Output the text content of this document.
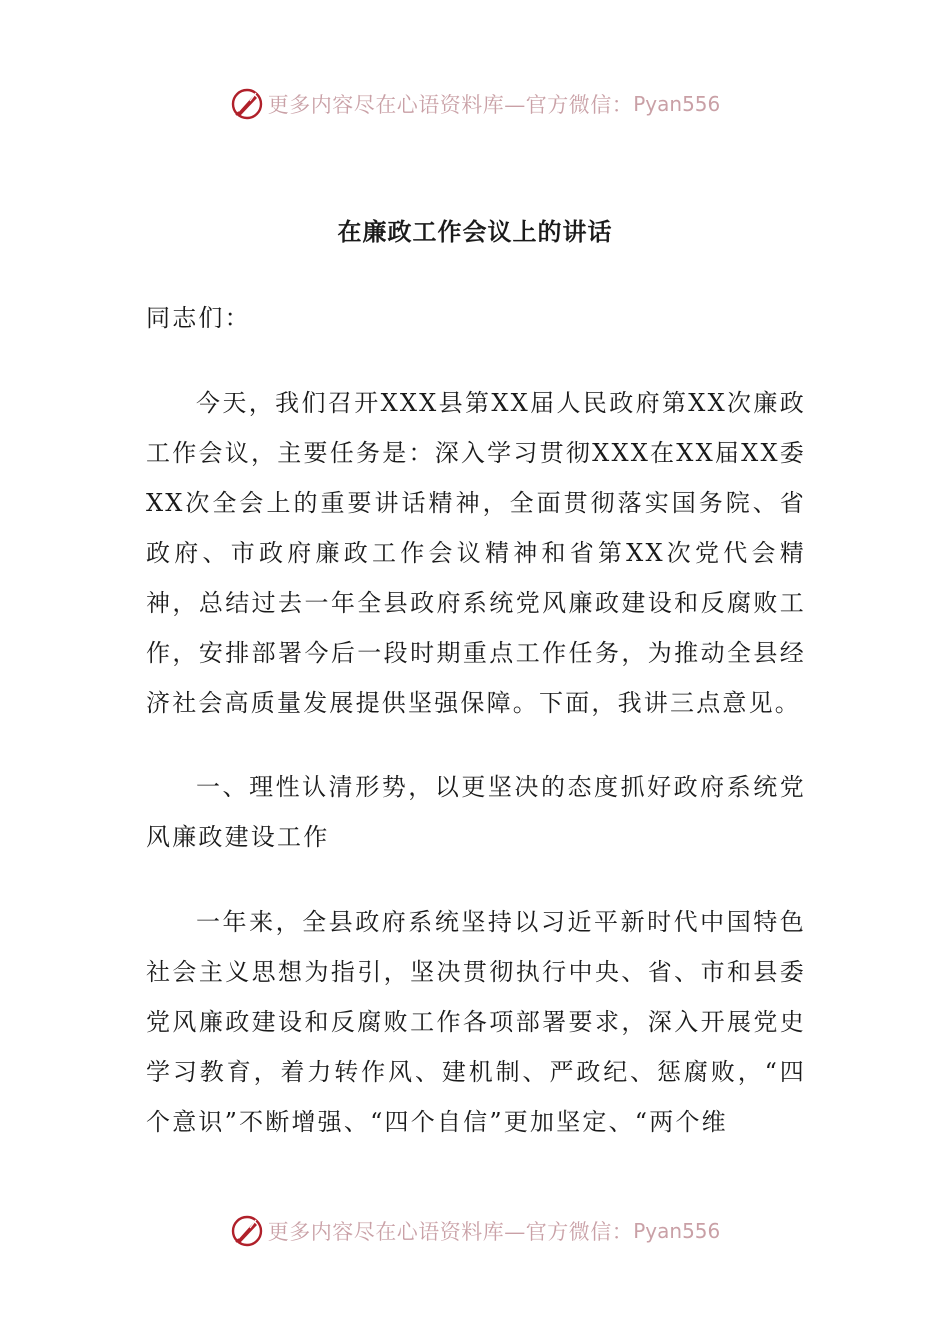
更多内容尽在心语资料库—官方微信： Pyan556
在廉政工作会议上的讲话

同志们：

今天，我们召开XXX县第XX届人民政府第XX次廉政工作会议，主要任务是：深入学习贯彻XXX在XX届XX委XX次全会上的重要讲话精神，全面贯彻落实国务院、省政府、市政府廉政工作会议精神和省第XX次党代会精神，总结过去一年全县政府系统党风廉政建设和反腐败工作，安排部署今后一段时期重点工作任务，为推动全县经济社会高质量发展提供坚强保障。下面，我讲三点意见。

一、理性认清形势，以更坚决的态度抓好政府系统党风廉政建设工作

一年来，全县政府系统坚持以习近平新时代中国特色社会主义思想为指引，坚决贯彻执行中央、省、市和县委党风廉政建设和反腐败工作各项部署要求，深入开展党史学习教育，着力转作风、建机制、严政纪、惩腐败，“四个意识”不断增强、“四个自信”更加坚定、“两个维

更多内容尽在心语资料库—官方微信： Pyan556
